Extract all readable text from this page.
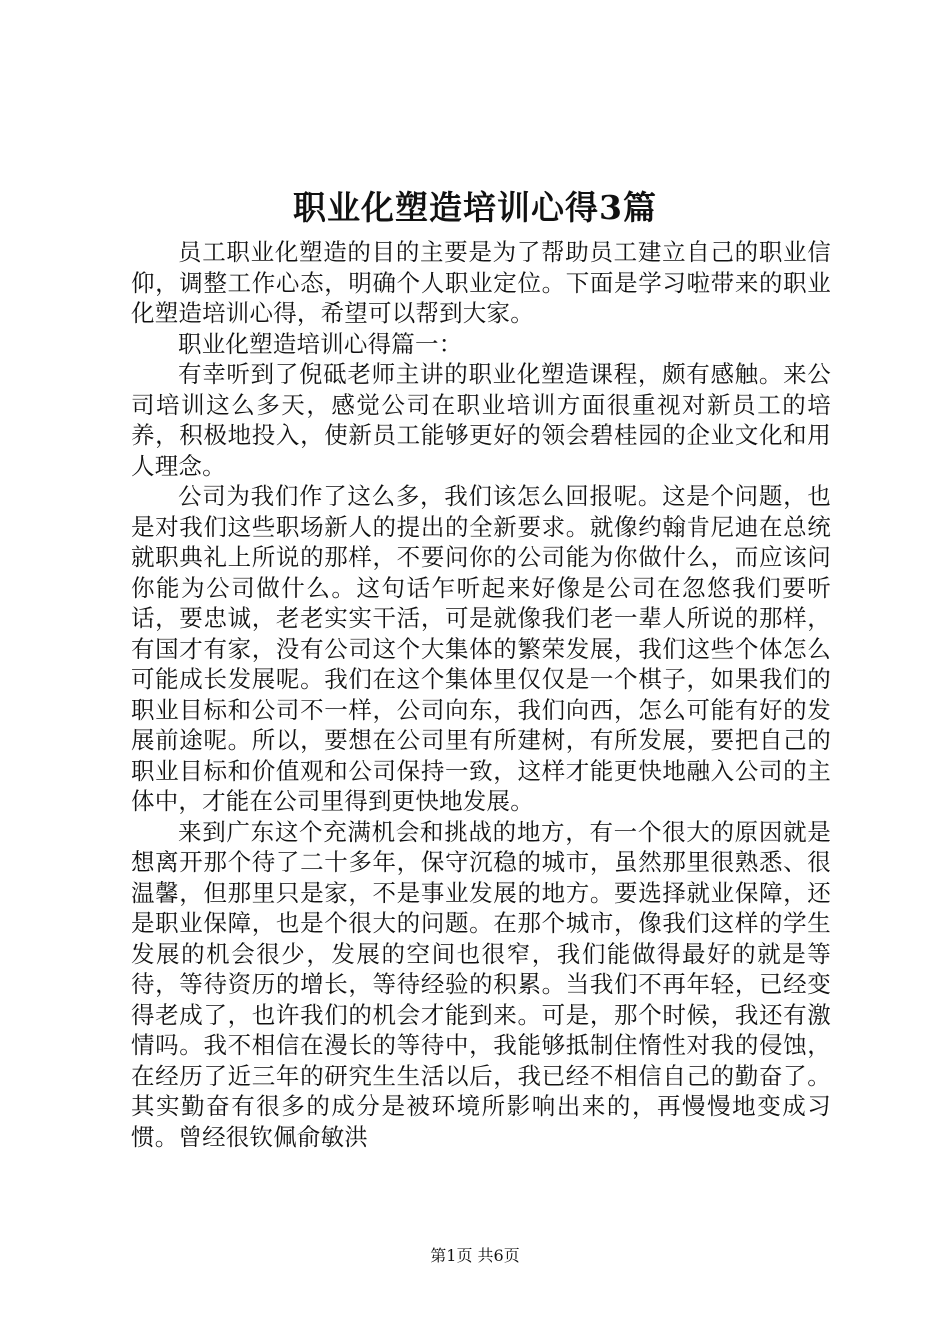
职业化塑造培训心得3篇

员工职业化塑造的目的主要是为了帮助员工建立自己的职业信仰，调整工作心态，明确个人职业定位。下面是学习啦带来的职业化塑造培训心得，希望可以帮到大家。

职业化塑造培训心得篇一：

有幸听到了倪砥老师主讲的职业化塑造课程，颇有感触。来公司培训这么多天，感觉公司在职业培训方面很重视对新员工的培养，积极地投入，使新员工能够更好的领会碧桂园的企业文化和用人理念。

公司为我们作了这么多，我们该怎么回报呢。这是个问题，也是对我们这些职场新人的提出的全新要求。就像约翰肯尼迪在总统就职典礼上所说的那样，不要问你的公司能为你做什么，而应该问你能为公司做什么。这句话乍听起来好像是公司在忽悠我们要听话，要忠诚，老老实实干活，可是就像我们老一辈人所说的那样，有国才有家，没有公司这个大集体的繁荣发展，我们这些个体怎么可能成长发展呢。我们在这个集体里仅仅是一个棋子，如果我们的职业目标和公司不一样，公司向东，我们向西，怎么可能有好的发展前途呢。所以，要想在公司里有所建树，有所发展，要把自己的职业目标和价值观和公司保持一致，这样才能更快地融入公司的主体中，才能在公司里得到更快地发展。

来到广东这个充满机会和挑战的地方，有一个很大的原因就是想离开那个待了二十多年，保守沉稳的城市，虽然那里很熟悉、很温馨，但那里只是家，不是事业发展的地方。要选择就业保障，还是职业保障，也是个很大的问题。在那个城市，像我们这样的学生发展的机会很少，发展的空间也很窄，我们能做得最好的就是等待，等待资历的增长，等待经验的积累。当我们不再年轻，已经变得老成了，也许我们的机会才能到来。可是，那个时候，我还有激情吗。我不相信在漫长的等待中，我能够抵制住惰性对我的侵蚀，在经历了近三年的研究生生活以后，我已经不相信自己的勤奋了。其实勤奋有很多的成分是被环境所影响出来的，再慢慢地变成习惯。曾经很钦佩俞敏洪

第1页 共6页
